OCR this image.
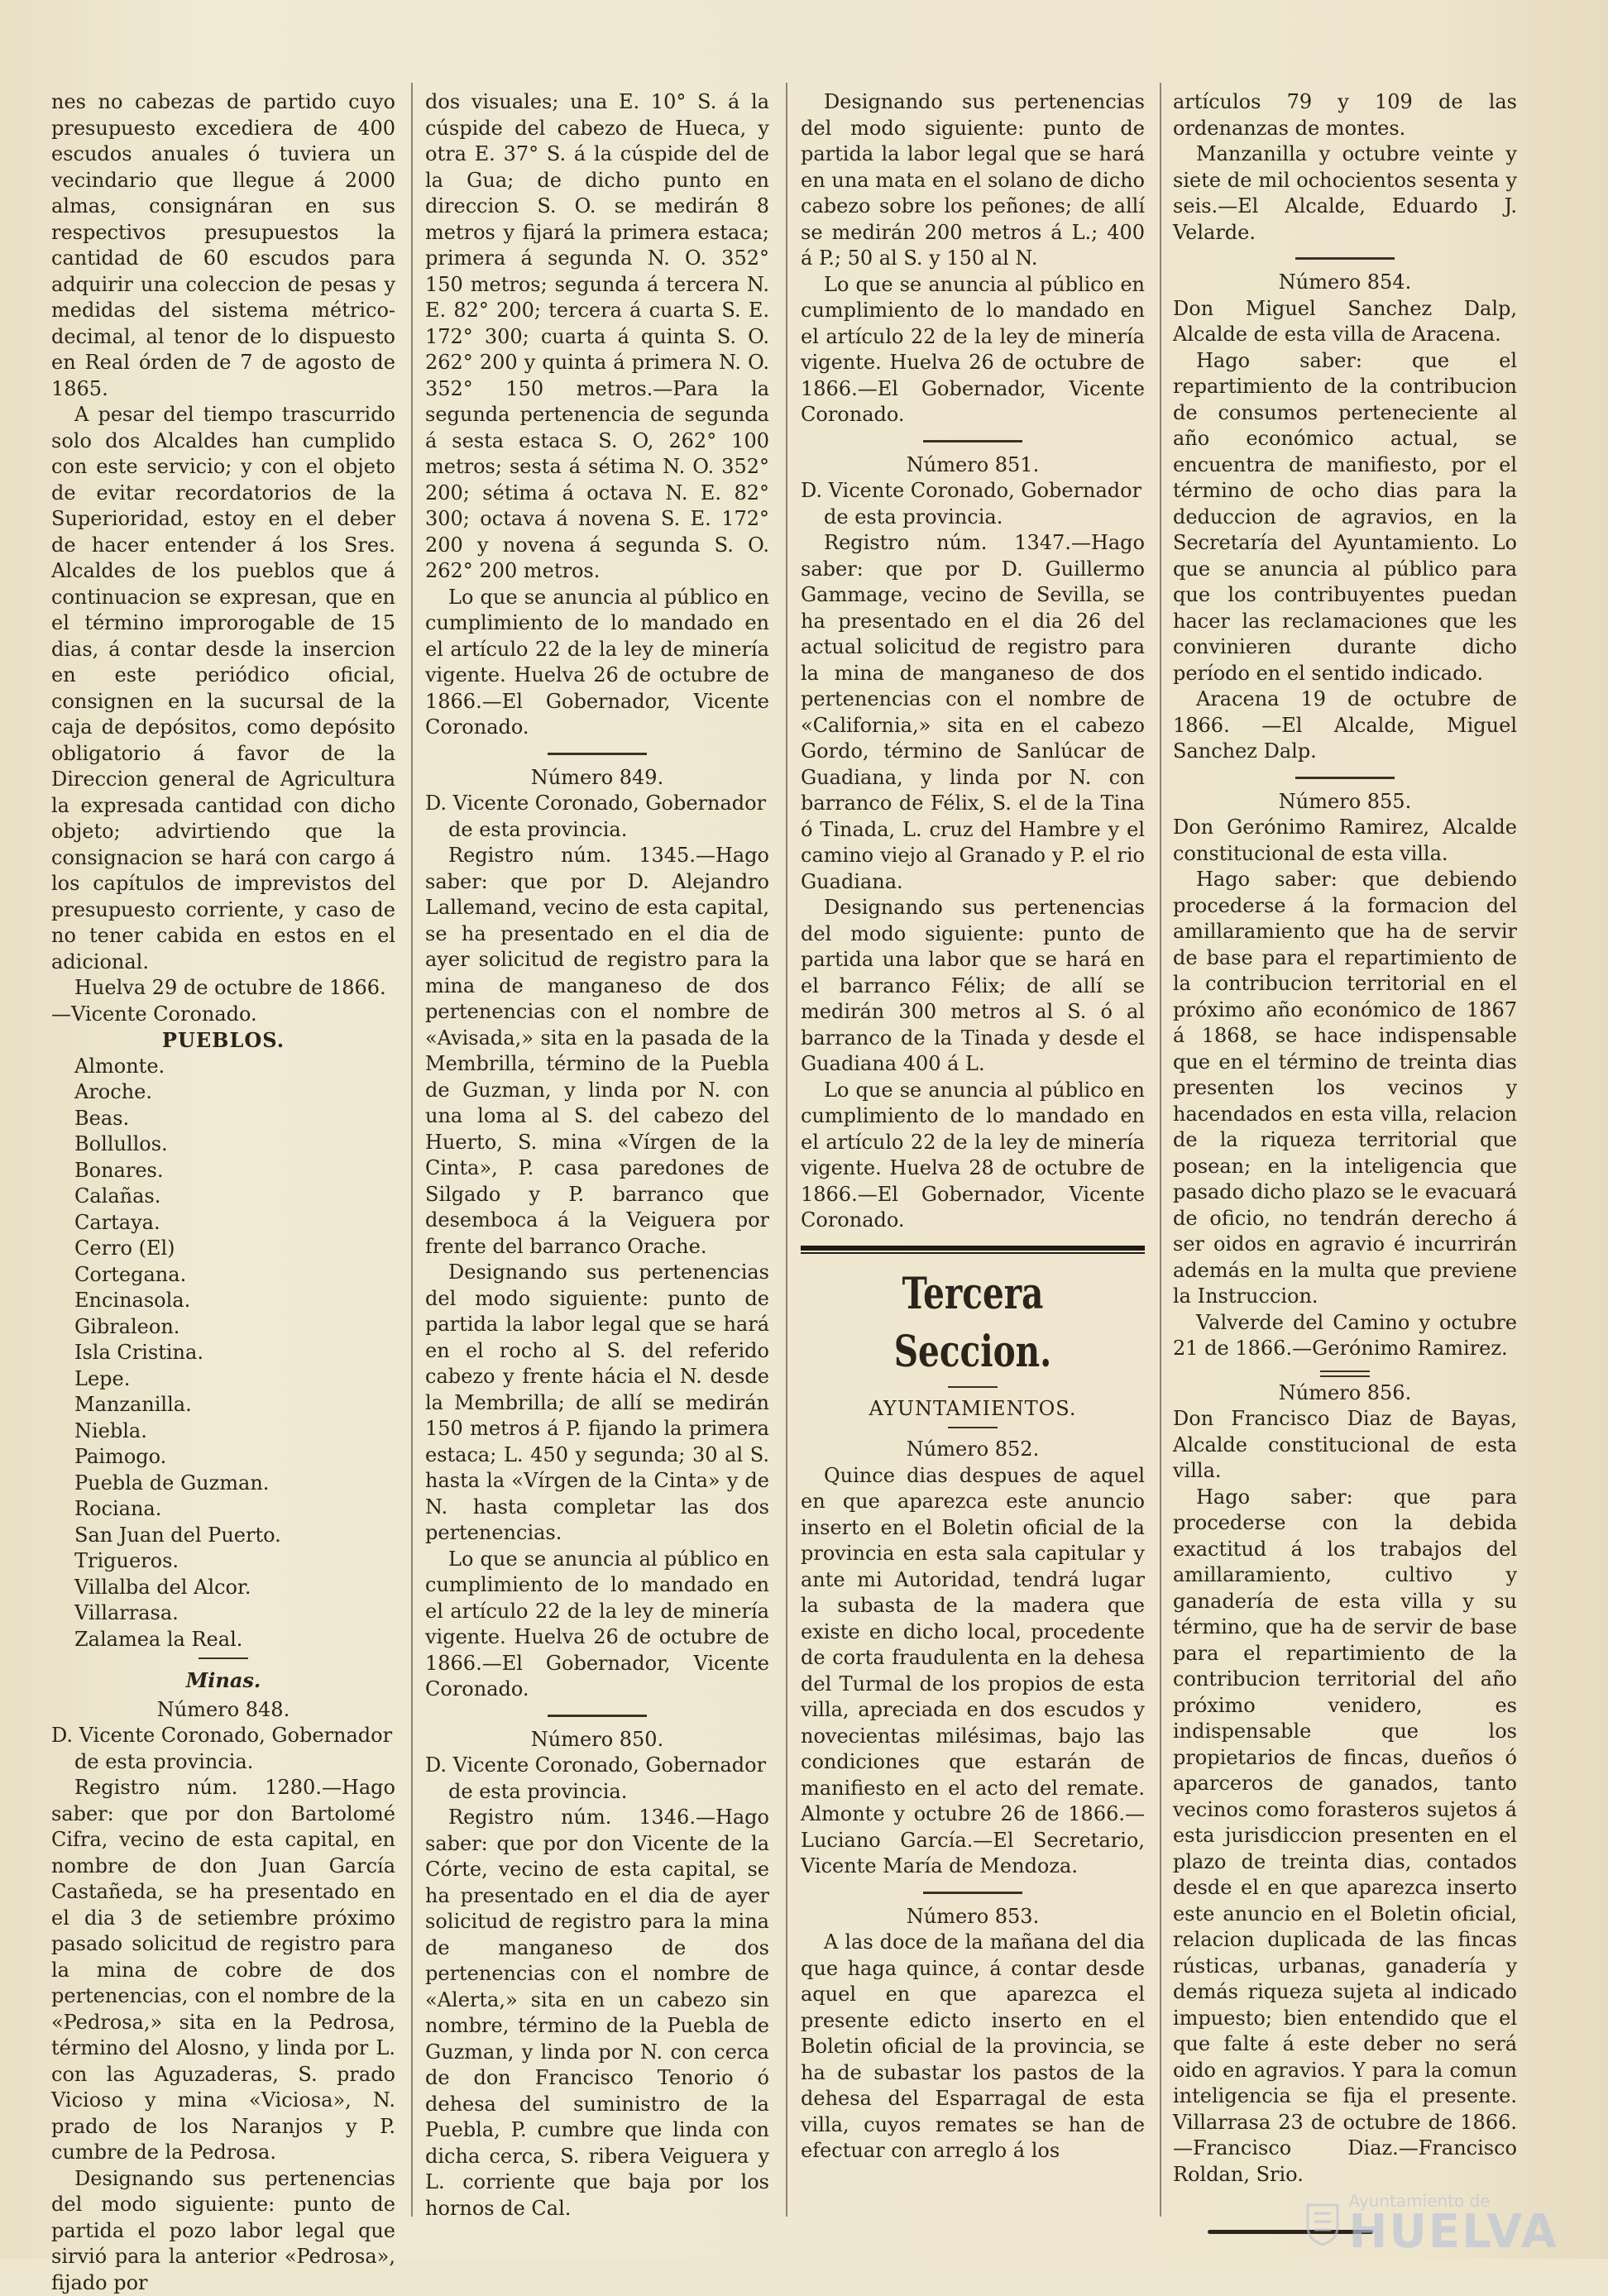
nes no cabezas de partido cuyo presupuesto excediera de 400 escudos anuales ó tuviera un vecindario que llegue á 2000 almas, consignáran en sus respectivos presupuestos la cantidad de 60 escudos para adquirir una coleccion de pesas y medidas del sistema métrico-decimal, al tenor de lo dispuesto en Real órden de 7 de agosto de 1865.

A pesar del tiempo trascurrido solo dos Alcaldes han cumplido con este servicio; y con el objeto de evitar recordatorios de la Superioridad, estoy en el deber de hacer entender á los Sres. Alcaldes de los pueblos que á continuacion se expresan, que en el término improrogable de 15 dias, á contar desde la insercion en este periódico oficial, consignen en la sucursal de la caja de depósitos, como depósito obligatorio á favor de la Direccion general de Agricultura la expresada cantidad con dicho objeto; advirtiendo que la consignacion se hará con cargo á los capítulos de imprevistos del presupuesto corriente, y caso de no tener cabida en estos en el adicional.

Huelva 29 de octubre de 1866.

—Vicente Coronado.

PUEBLOS.

Almonte.

Aroche.

Beas.

Bollullos.

Bonares.

Calañas.

Cartaya.

Cerro (El)

Cortegana.

Encinasola.

Gibraleon.

Isla Cristina.

Lepe.

Manzanilla.

Niebla.

Paimogo.

Puebla de Guzman.

Rociana.

San Juan del Puerto.

Trigueros.

Villalba del Alcor.

Villarrasa.

Zalamea la Real.

Minas.
Número 848.

D. Vicente Coronado, Gobernador

de esta provincia.

Registro núm. 1280.—Hago saber: que por don Bartolomé Cifra, vecino de esta capital, en nombre de don Juan García Castañeda, se ha presentado en el dia 3 de setiembre próximo pasado solicitud de registro para la mina de cobre de dos pertenencias, con el nombre de la «Pedrosa,» sita en la Pedrosa, término del Alosno, y linda por L. con las Aguzaderas, S. prado Vicioso y mina «Viciosa», N. prado de los Naranjos y P. cumbre de la Pedrosa.

Designando sus pertenencias del modo siguiente: punto de partida el pozo labor legal que sirvió para la anterior «Pedrosa», fijado por

dos visuales; una E. 10° S. á la cúspide del cabezo de Hueca, y otra E. 37° S. á la cúspide del de la Gua; de dicho punto en direccion S. O. se medirán 8 metros y fijará la primera estaca; primera á segunda N. O. 352° 150 metros; segunda á tercera N. E. 82° 200; tercera á cuarta S. E. 172° 300; cuarta á quinta S. O. 262° 200 y quinta á primera N. O. 352° 150 metros.—Para la segunda pertenencia de segunda á sesta estaca S. O, 262° 100 metros; sesta á sétima N. O. 352° 200; sétima á octava N. E. 82° 300; octava á novena S. E. 172° 200 y novena á segunda S. O. 262° 200 metros.

Lo que se anuncia al público en cumplimiento de lo mandado en el artículo 22 de la ley de minería vigente. Huelva 26 de octubre de 1866.—El Gobernador, Vicente Coronado.

Número 849.

D. Vicente Coronado, Gobernador

de esta provincia.

Registro núm. 1345.—Hago saber: que por D. Alejandro Lallemand, vecino de esta capital, se ha presentado en el dia de ayer solicitud de registro para la mina de manganeso de dos pertenencias con el nombre de «Avisada,» sita en la pasada de la Membrilla, término de la Puebla de Guzman, y linda por N. con una loma al S. del cabezo del Huerto, S. mina «Vírgen de la Cinta», P. casa paredones de Silgado y P. barranco que desemboca á la Veiguera por frente del barranco Orache.

Designando sus pertenencias del modo siguiente: punto de partida la labor legal que se hará en el rocho al S. del referido cabezo y frente hácia el N. desde la Membrilla; de allí se medirán 150 metros á P. fijando la primera estaca; L. 450 y segunda; 30 al S. hasta la «Vírgen de la Cinta» y de N. hasta completar las dos pertenencias.

Lo que se anuncia al público en cumplimiento de lo mandado en el artículo 22 de la ley de minería vigente. Huelva 26 de octubre de 1866.—El Gobernador, Vicente Coronado.

Número 850.

D. Vicente Coronado, Gobernador

de esta provincia.

Registro núm. 1346.—Hago saber: que por don Vicente de la Córte, vecino de esta capital, se ha presentado en el dia de ayer solicitud de registro para la mina de manganeso de dos pertenencias con el nombre de «Alerta,» sita en un cabezo sin nombre, término de la Puebla de Guzman, y linda por N. con cerca de don Francisco Tenorio ó dehesa del suministro de la Puebla, P. cumbre que linda con dicha cerca, S. ribera Veiguera y L. corriente que baja por los hornos de Cal.

Designando sus pertenencias del modo siguiente: punto de partida la labor legal que se hará en una mata en el solano de dicho cabezo sobre los peñones; de allí se medirán 200 metros á L.; 400 á P.; 50 al S. y 150 al N.

Lo que se anuncia al público en cumplimiento de lo mandado en el artículo 22 de la ley de minería vigente. Huelva 26 de octubre de 1866.—El Gobernador, Vicente Coronado.

Número 851.

D. Vicente Coronado, Gobernador

de esta provincia.

Registro núm. 1347.—Hago saber: que por D. Guillermo Gammage, vecino de Sevilla, se ha presentado en el dia 26 del actual solicitud de registro para la mina de manganeso de dos pertenencias con el nombre de «California,» sita en el cabezo Gordo, término de Sanlúcar de Guadiana, y linda por N. con barranco de Félix, S. el de la Tina ó Tinada, L. cruz del Hambre y el camino viejo al Granado y P. el rio Guadiana.

Designando sus pertenencias del modo siguiente: punto de partida una labor que se hará en el barranco Félix; de allí se medirán 300 metros al S. ó al barranco de la Tinada y desde el Guadiana 400 á L.

Lo que se anuncia al público en cumplimiento de lo mandado en el artículo 22 de la ley de minería vigente. Huelva 28 de octubre de 1866.—El Gobernador, Vicente Coronado.

Tercera Seccion.
AYUNTAMIENTOS.
Número 852.

Quince dias despues de aquel en que aparezca este anuncio inserto en el Boletin oficial de la provincia en esta sala capitular y ante mi Autoridad, tendrá lugar la subasta de la madera que existe en dicho local, procedente de corta fraudulenta en la dehesa del Turmal de los propios de esta villa, apreciada en dos escudos y novecientas milésimas, bajo las condiciones que estarán de manifiesto en el acto del remate. Almonte y octubre 26 de 1866.—Luciano García.—El Secretario, Vicente María de Mendoza.

Número 853.

A las doce de la mañana del dia que haga quince, á contar desde aquel en que aparezca el presente edicto inserto en el Boletin oficial de la provincia, se ha de subastar los pastos de la dehesa del Esparragal de esta villa, cuyos remates se han de efectuar con arreglo á los

artículos 79 y 109 de las ordenanzas de montes.

Manzanilla y octubre veinte y siete de mil ochocientos sesenta y seis.—El Alcalde, Eduardo J. Velarde.

Número 854.

Don Miguel Sanchez Dalp, Alcalde de esta villa de Aracena.

Hago saber: que el repartimiento de la contribucion de consumos perteneciente al año económico actual, se encuentra de manifiesto, por el término de ocho dias para la deduccion de agravios, en la Secretaría del Ayuntamiento. Lo que se anuncia al público para que los contribuyentes puedan hacer las reclamaciones que les convinieren durante dicho período en el sentido indicado.

Aracena 19 de octubre de 1866. —El Alcalde, Miguel Sanchez Dalp.

Número 855.

Don Gerónimo Ramirez, Alcalde constitucional de esta villa.

Hago saber: que debiendo procederse á la formacion del amillaramiento que ha de servir de base para el repartimiento de la contribucion territorial en el próximo año económico de 1867 á 1868, se hace indispensable que en el término de treinta dias presenten los vecinos y hacendados en esta villa, relacion de la riqueza territorial que posean; en la inteligencia que pasado dicho plazo se le evacuará de oficio, no tendrán derecho á ser oidos en agravio é incurrirán además en la multa que previene la Instruccion.

Valverde del Camino y octubre 21 de 1866.—Gerónimo Ramirez.

Número 856.

Don Francisco Diaz de Bayas, Alcalde constitucional de esta villa.

Hago saber: que para procederse con la debida exactitud á los trabajos del amillaramiento, cultivo y ganadería de esta villa y su término, que ha de servir de base para el repartimiento de la contribucion territorial del año próximo venidero, es indispensable que los propietarios de fincas, dueños ó aparceros de ganados, tanto vecinos como forasteros sujetos á esta jurisdiccion presenten en el plazo de treinta dias, contados desde el en que aparezca inserto este anuncio en el Boletin oficial, relacion duplicada de las fincas rústicas, urbanas, ganadería y demás riqueza sujeta al indicado impuesto; bien entendido que el que falte á este deber no será oido en agravios. Y para la comun inteligencia se fija el presente. Villarrasa 23 de octubre de 1866.—Francisco Diaz.—Francisco Roldan, Srio.

Ayuntamiento de
HUELVA
